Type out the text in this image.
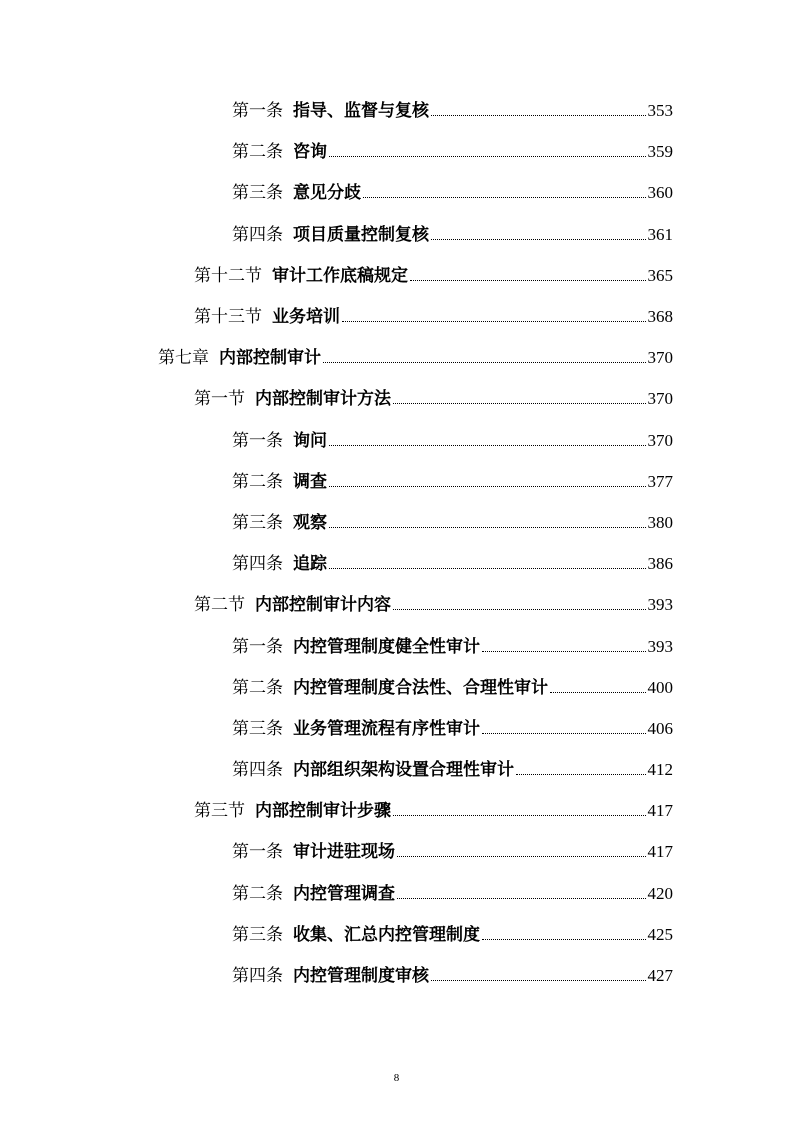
第一条 指导、监督与复核	353
第二条 咨询	359
第三条 意见分歧	360
第四条 项目质量控制复核	361
第十二节 审计工作底稿规定	365
第十三节 业务培训	368
第七章 内部控制审计	370
第一节 内部控制审计方法	370
第一条 询问	370
第二条 调查	377
第三条 观察	380
第四条 追踪	386
第二节 内部控制审计内容	393
第一条 内控管理制度健全性审计	393
第二条 内控管理制度合法性、合理性审计	400
第三条 业务管理流程有序性审计	406
第四条 内部组织架构设置合理性审计	412
第三节 内部控制审计步骤	417
第一条 审计进驻现场	417
第二条 内控管理调查	420
第三条 收集、汇总内控管理制度	425
第四条 内控管理制度审核	427
8
